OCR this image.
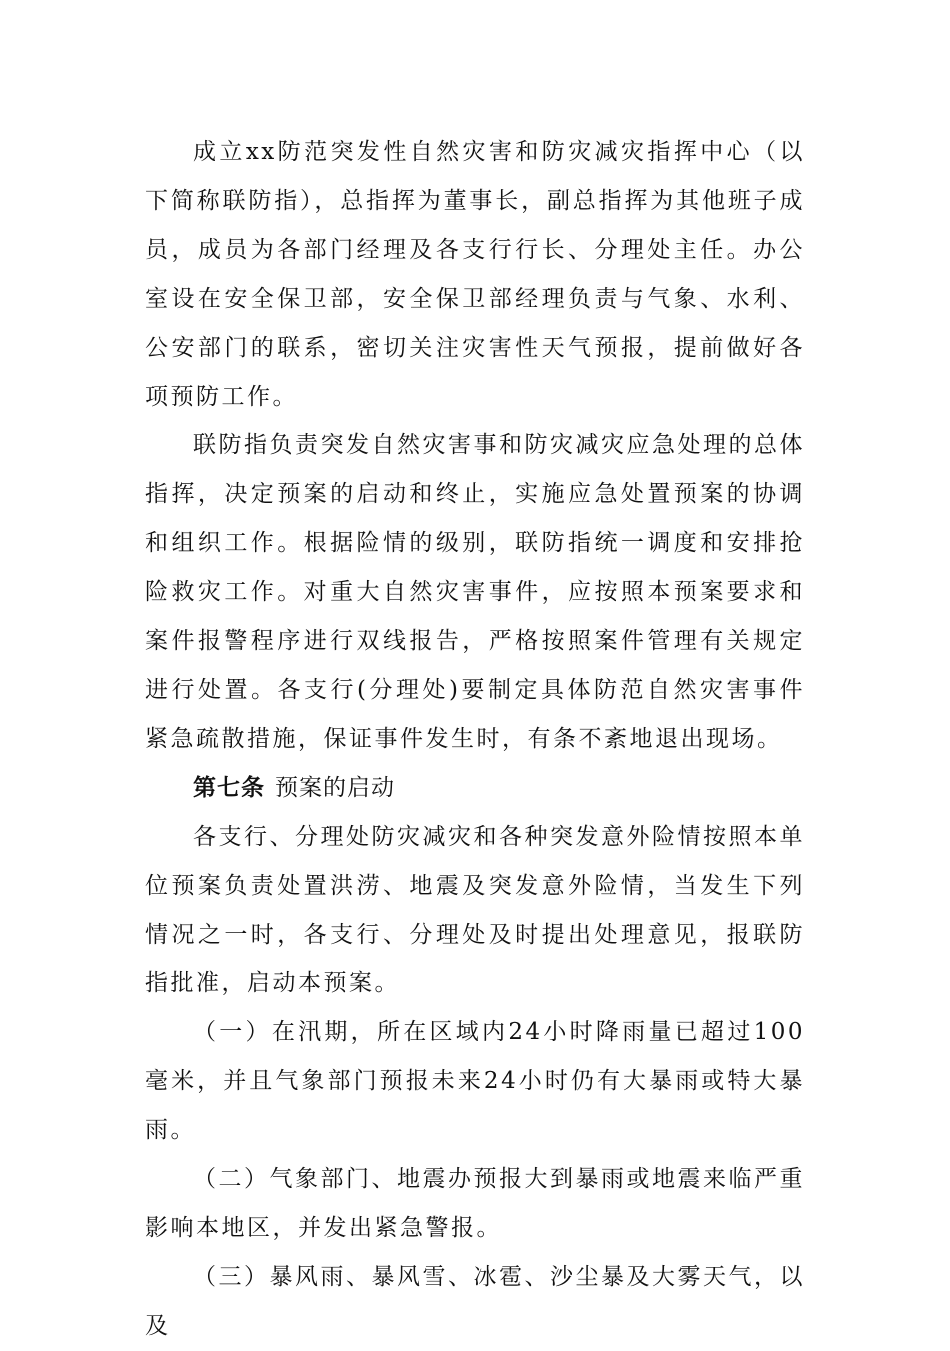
成立xx防范突发性自然灾害和防灾减灾指挥中心（以下简称联防指），总指挥为董事长，副总指挥为其他班子成员，成员为各部门经理及各支行行长、分理处主任。办公室设在安全保卫部，安全保卫部经理负责与气象、水利、公安部门的联系，密切关注灾害性天气预报，提前做好各项预防工作。

联防指负责突发自然灾害事和防灾减灾应急处理的总体指挥，决定预案的启动和终止，实施应急处置预案的协调和组织工作。根据险情的级别，联防指统一调度和安排抢险救灾工作。对重大自然灾害事件，应按照本预案要求和案件报警程序进行双线报告，严格按照案件管理有关规定进行处置。各支行(分理处)要制定具体防范自然灾害事件紧急疏散措施，保证事件发生时，有条不紊地退出现场。

第七条 预案的启动

各支行、分理处防灾减灾和各种突发意外险情按照本单位预案负责处置洪涝、地震及突发意外险情，当发生下列情况之一时，各支行、分理处及时提出处理意见，报联防指批准，启动本预案。

（一）在汛期，所在区域内24小时降雨量已超过100毫米，并且气象部门预报未来24小时仍有大暴雨或特大暴雨。

（二）气象部门、地震办预报大到暴雨或地震来临严重影响本地区，并发出紧急警报。

（三）暴风雨、暴风雪、冰雹、沙尘暴及大雾天气，以及
